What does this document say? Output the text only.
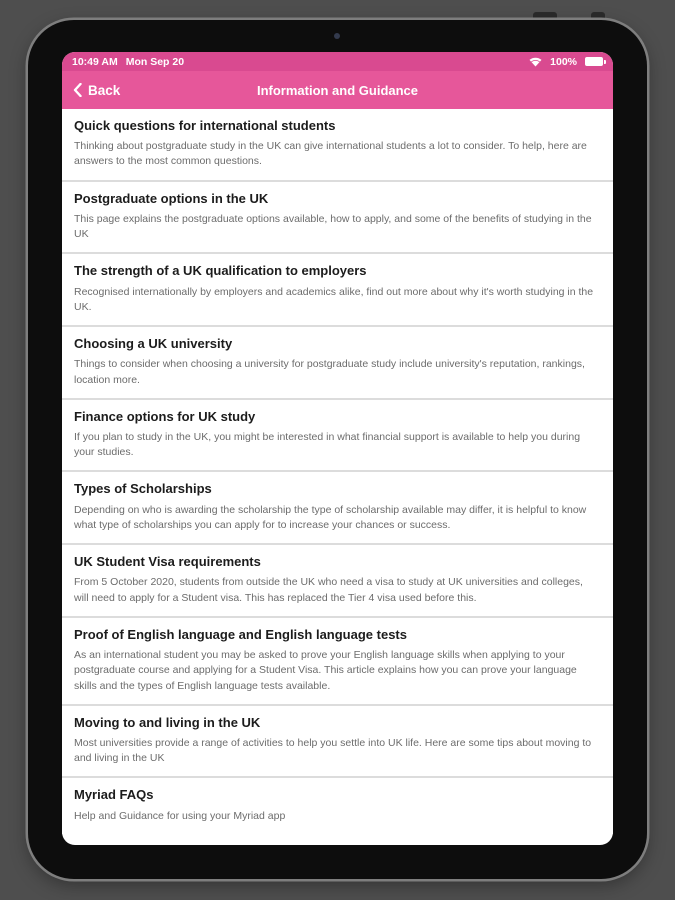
10:49 AM Mon Sep 20	100%
Back	Information and Guidance
Quick questions for international students
Thinking about postgraduate study in the UK can give international students a lot to consider. To help, here are answers to the most common questions.
Postgraduate options in the UK
This page explains the postgraduate options available, how to apply, and some of the benefits of studying in the UK
The strength of a UK qualification to employers
Recognised internationally by employers and academics alike, find out more about why it's worth studying in the UK.
Choosing a UK university
Things to consider when choosing a university for postgraduate study include university's reputation, rankings, location more.
Finance options for UK study
If you plan to study in the UK, you might be interested in what financial support is available to help you during your studies.
Types of Scholarships
Depending on who is awarding the scholarship the type of scholarship available may differ, it is helpful to know what type of scholarships you can apply for to increase your chances or success.
UK Student Visa requirements
From 5 October 2020, students from outside the UK who need a visa to study at UK universities and colleges, will need to apply for a Student visa. This has replaced the Tier 4 visa used before this.
Proof of English language and English language tests
As an international student you may be asked to prove your English language skills when applying to your postgraduate course and applying for a Student Visa. This article explains how you can prove your language skills and the types of English language tests available.
Moving to and living in the UK
Most universities provide a range of activities to help you settle into UK life. Here are some tips about moving to and living in the UK
Myriad FAQs
Help and Guidance for using your Myriad app
